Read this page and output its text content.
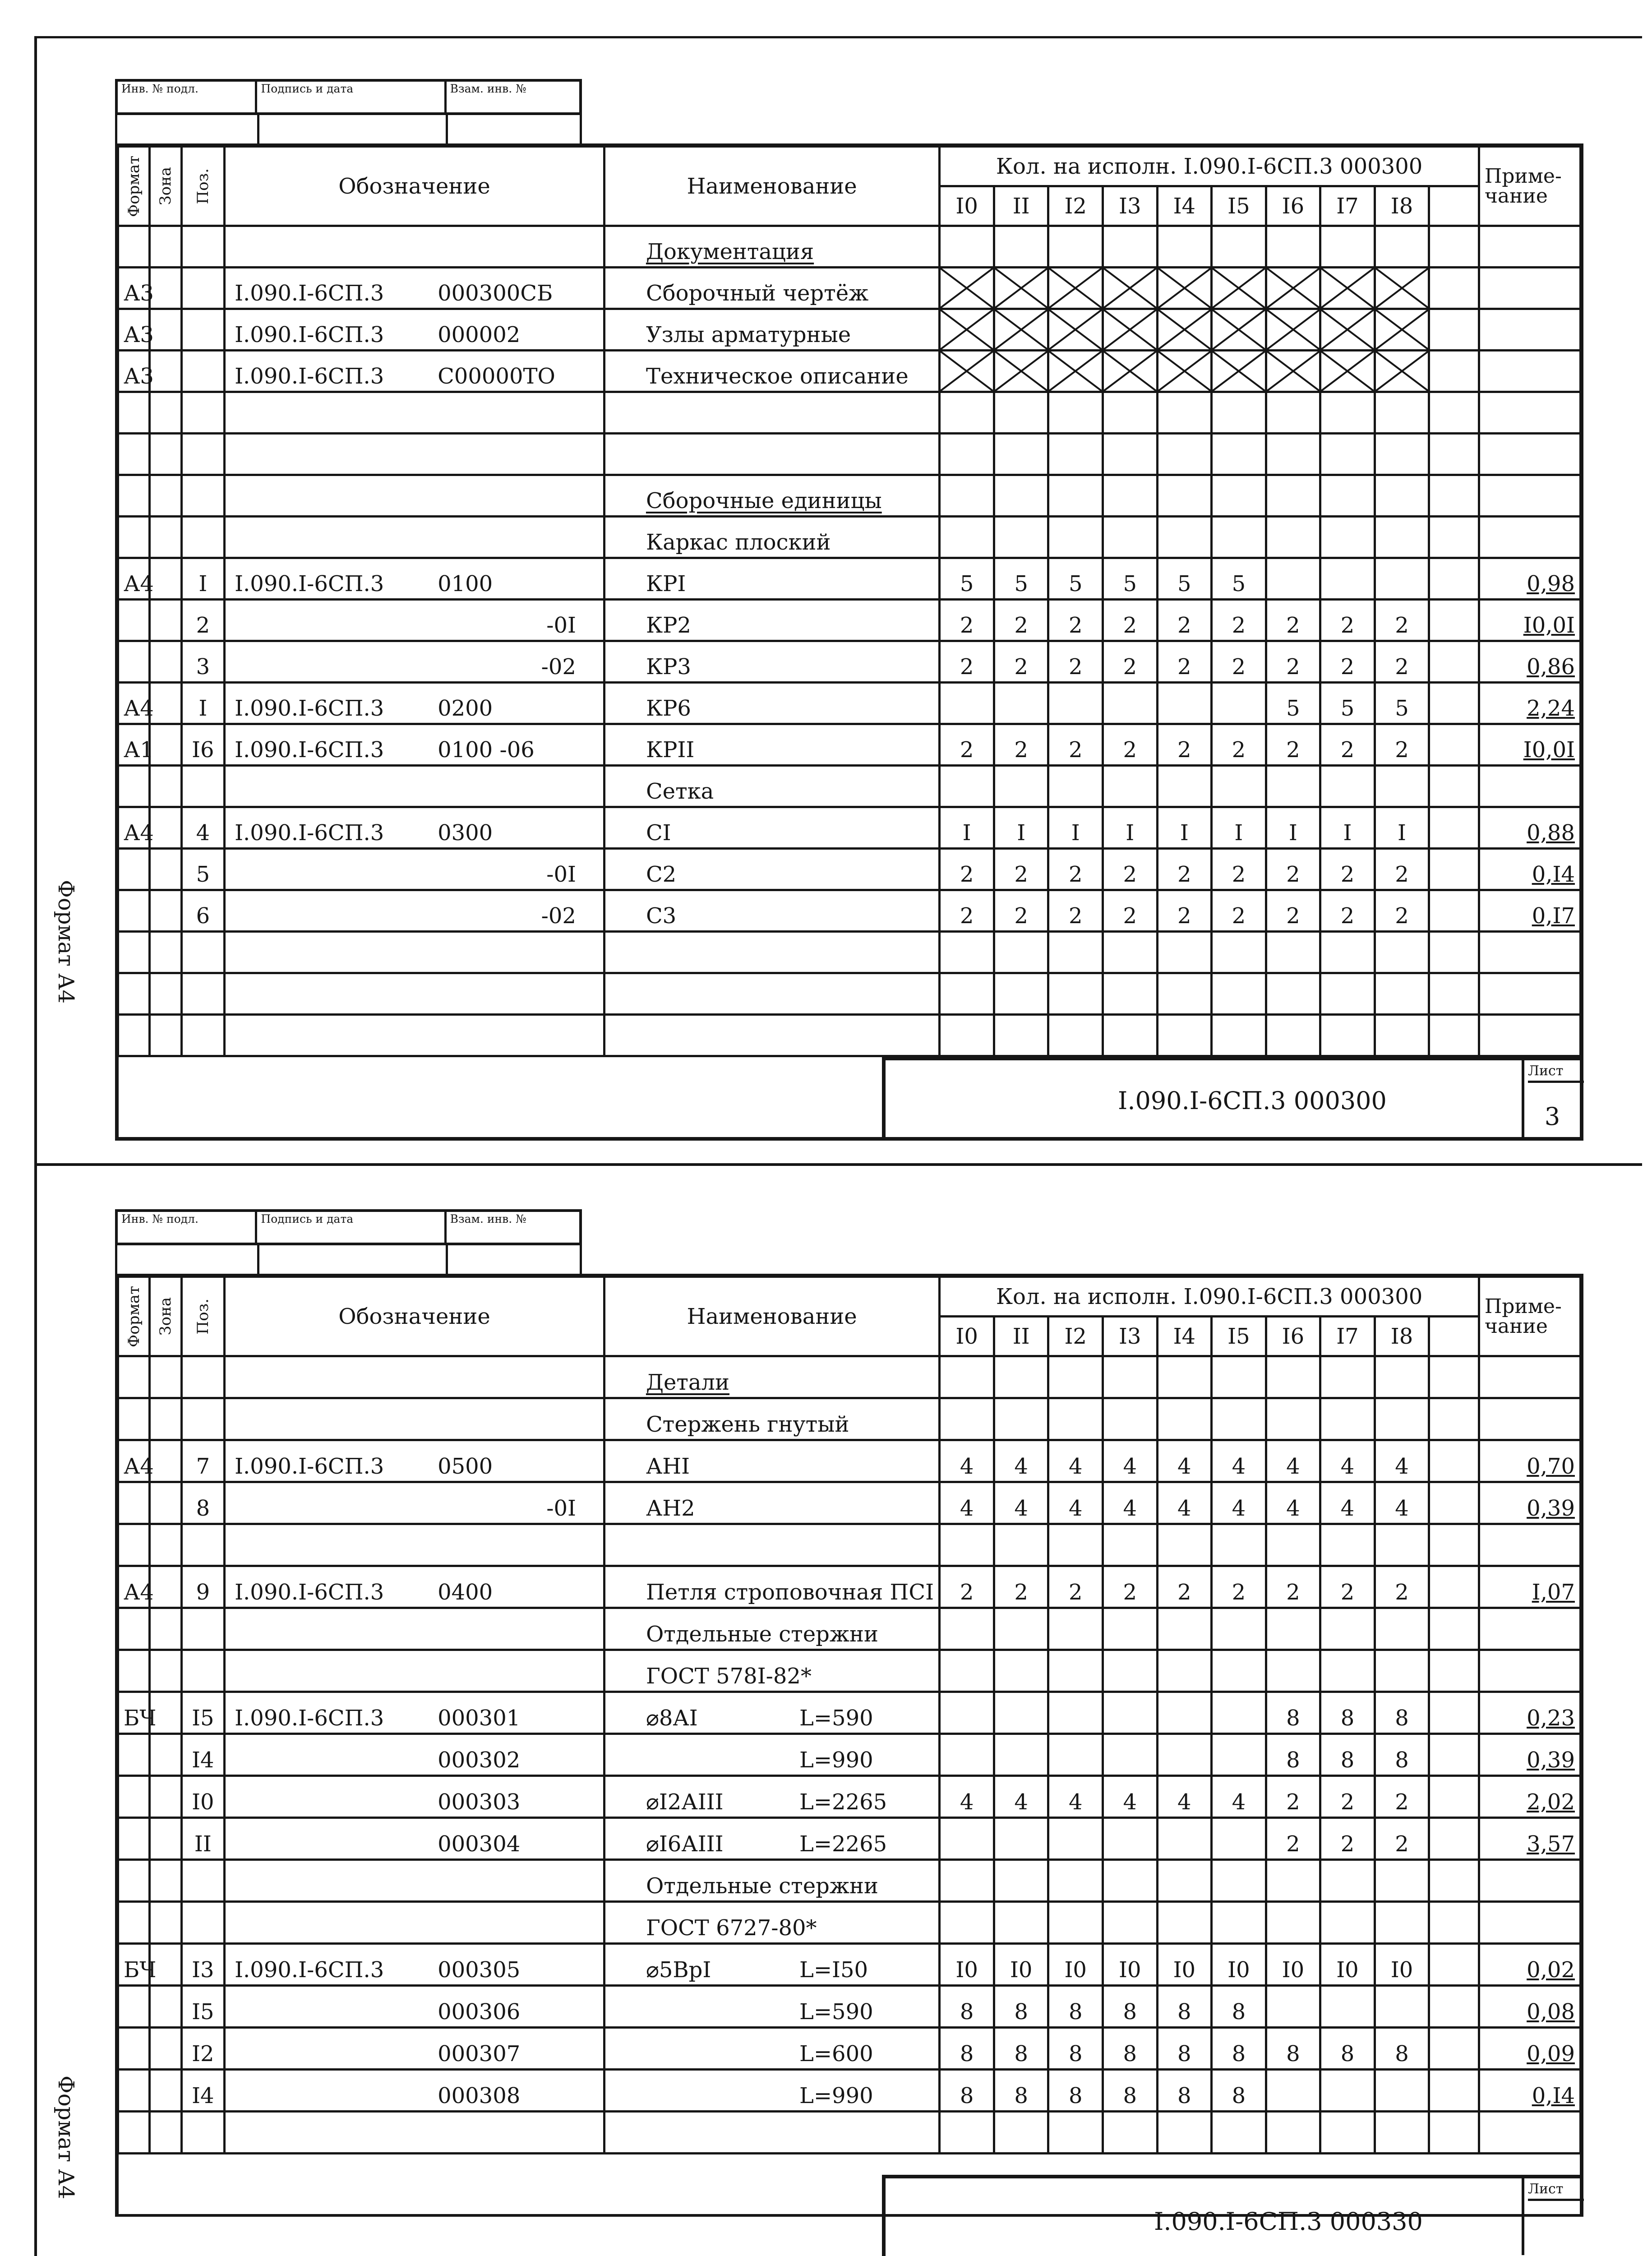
Инв. № подл.	Подпись и дата	Взам. инв. №
Формат	Зона	Поз.	Обозначение	Наименование	Кол. на исполн. I.090.I-6СП.3 000300										Приме-
чание
					I0	II	I2	I3	I4	I5	I6	I7	I8		
				Документация											
А3			I.090.I-6СП.3 000300СБ	Сборочный чертёж	

А3			I.090.I-6СП.3 000002	Узлы арматурные	

А3			I.090.I-6СП.3 С00000ТО	Техническое описание	

				Сборочные единицы											
				Каркас плоский											
А4		I	I.090.I-6СП.3 0100	КРI	5	5	5	5	5	5					0,98
		2	-0I	КР2	2	2	2	2	2	2	2	2	2		I0,0I
		3	-02	КР3	2	2	2	2	2	2	2	2	2		0,86
А4		I	I.090.I-6СП.3 0200	КР6							5	5	5		2,24
А1		I6	I.090.I-6СП.3 0100 -06	КРII	2	2	2	2	2	2	2	2	2		I0,0I
				Сетка											
А4		4	I.090.I-6СП.3 0300	СI	I	I	I	I	I	I	I	I	I		0,88
		5	-0I	С2	2	2	2	2	2	2	2	2	2		0,I4
		6	-02	С3	2	2	2	2	2	2	2	2	2		0,I7

I.090.I-6СП.3 000300
Лист
3
Формат А4
Инв. № подл.	Подпись и дата	Взам. инв. №
Формат	Зона	Поз.	Обозначение	Наименование	Кол. на исполн. I.090.I-6СП.3 000300										Приме-
чание
					I0	II	I2	I3	I4	I5	I6	I7	I8		
				Детали											
				Стержень гнутый											
А4		7	I.090.I-6СП.3 0500	АНI	4	4	4	4	4	4	4	4	4		0,70
		8	-0I	АН2	4	4	4	4	4	4	4	4	4		0,39

А4		9	I.090.I-6СП.3 0400	Петля строповочная ПСI	2	2	2	2	2	2	2	2	2		I,07
				Отдельные стержни											
				ГОСТ 578I-82*											
БЧ		I5	I.090.I-6СП.3 000301	⌀8АI L=590							8	8	8		0,23
		I4	000302	L=990							8	8	8		0,39
		I0	000303	⌀I2АIII L=2265	4	4	4	4	4	4	2	2	2		2,02
		II	000304	⌀I6АIII L=2265							2	2	2		3,57
				Отдельные стержни											
				ГОСТ 6727-80*											
БЧ		I3	I.090.I-6СП.3 000305	⌀5ВрI L=I50	I0	I0	I0	I0	I0	I0	I0	I0	I0		0,02
		I5	000306	L=590	8	8	8	8	8	8					0,08
		I2	000307	L=600	8	8	8	8	8	8	8	8	8		0,09
		I4	000308	L=990	8	8	8	8	8	8					0,I4

I.090.I-6СП.3 000330
Лист
Формат А4
